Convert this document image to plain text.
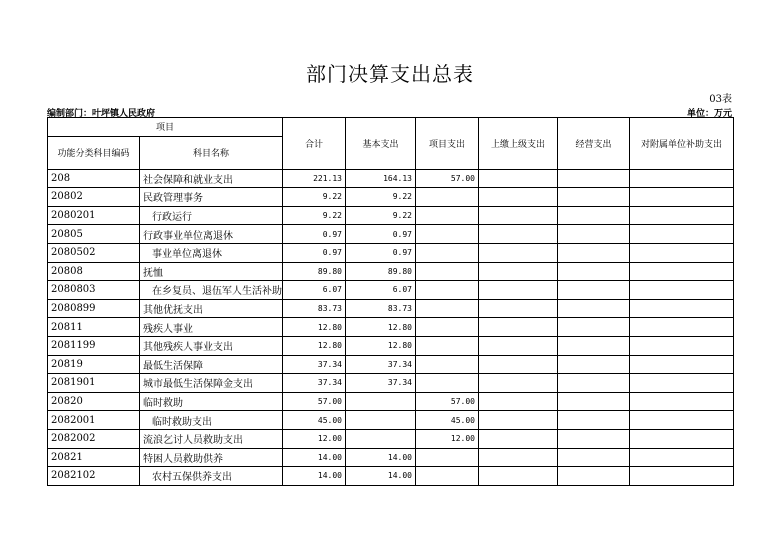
部门决算支出总表
03表
编制部门：叶坪镇人民政府	单位：万元
项目		合计	基本支出	项目支出	上缴上级支出	经营支出	对附属单位补助支出
功能分类科目编码	科目名称						
208	社会保障和就业支出	221.13	164.13	57.00			
20802	民政管理事务	9.22	9.22				
2080201	行政运行	9.22	9.22				
20805	行政事业单位离退休	0.97	0.97				
2080502	事业单位离退休	0.97	0.97				
20808	抚恤	89.80	89.80				
2080803	在乡复员、退伍军人生活补助	6.07	6.07				
2080899	其他优抚支出	83.73	83.73				
20811	残疾人事业	12.80	12.80				
2081199	其他残疾人事业支出	12.80	12.80				
20819	最低生活保障	37.34	37.34				
2081901	城市最低生活保障金支出	37.34	37.34				
20820	临时救助	57.00		57.00			
2082001	临时救助支出	45.00		45.00			
2082002	流浪乞讨人员救助支出	12.00		12.00			
20821	特困人员救助供养	14.00	14.00				
2082102	农村五保供养支出	14.00	14.00				
